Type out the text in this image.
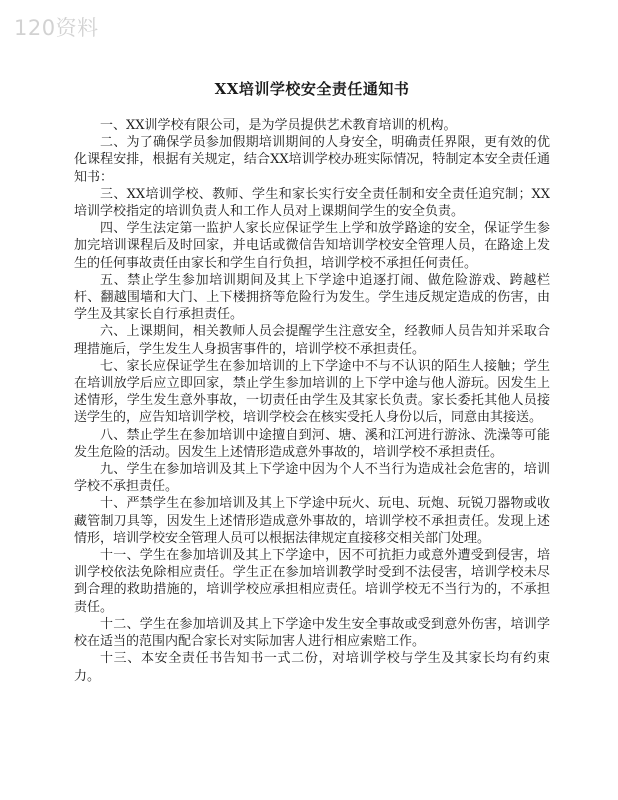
120资料
XX培训学校安全责任通知书

一、XX训学校有限公司，是为学员提供艺术教育培训的机构。

二、为了确保学员参加假期培训期间的人身安全，明确责任界限，更有效的优化课程安排，根据有关规定，结合XX培训学校办班实际情况，特制定本安全责任通知书：

三、XX培训学校、教师、学生和家长实行安全责任制和安全责任追究制；XX培训学校指定的培训负责人和工作人员对上课期间学生的安全负责。

四、学生法定第一监护人家长应保证学生上学和放学路途的安全，保证学生参加完培训课程后及时回家，并电话或微信告知培训学校安全管理人员，在路途上发生的任何事故责任由家长和学生自行负担，培训学校不承担任何责任。

五、禁止学生参加培训期间及其上下学途中追逐打闹、做危险游戏、跨越栏杆、翻越围墙和大门、上下楼拥挤等危险行为发生。学生违反规定造成的伤害，由学生及其家长自行承担责任。

六、上课期间，相关教师人员会提醒学生注意安全，经教师人员告知并采取合理措施后，学生发生人身损害事件的，培训学校不承担责任。

七、家长应保证学生在参加培训的上下学途中不与不认识的陌生人接触；学生在培训放学后应立即回家，禁止学生参加培训的上下学中途与他人游玩。因发生上述情形，学生发生意外事故，一切责任由学生及其家长负责。家长委托其他人员接送学生的，应告知培训学校，培训学校会在核实受托人身份以后，同意由其接送。

八、禁止学生在参加培训中途擅自到河、塘、溪和江河进行游泳、洗澡等可能发生危险的活动。因发生上述情形造成意外事故的，培训学校不承担责任。

九、学生在参加培训及其上下学途中因为个人不当行为造成社会危害的，培训学校不承担责任。

十、严禁学生在参加培训及其上下学途中玩火、玩电、玩炮、玩锐刀器物或收藏管制刀具等，因发生上述情形造成意外事故的，培训学校不承担责任。发现上述情形，培训学校安全管理人员可以根据法律规定直接移交相关部门处理。

十一、学生在参加培训及其上下学途中，因不可抗拒力或意外遭受到侵害，培训学校依法免除相应责任。学生正在参加培训教学时受到不法侵害，培训学校未尽到合理的救助措施的，培训学校应承担相应责任。培训学校无不当行为的，不承担责任。

十二、学生在参加培训及其上下学途中发生安全事故或受到意外伤害，培训学校在适当的范围内配合家长对实际加害人进行相应索赔工作。

十三、本安全责任书告知书一式二份，对培训学校与学生及其家长均有约束力。
